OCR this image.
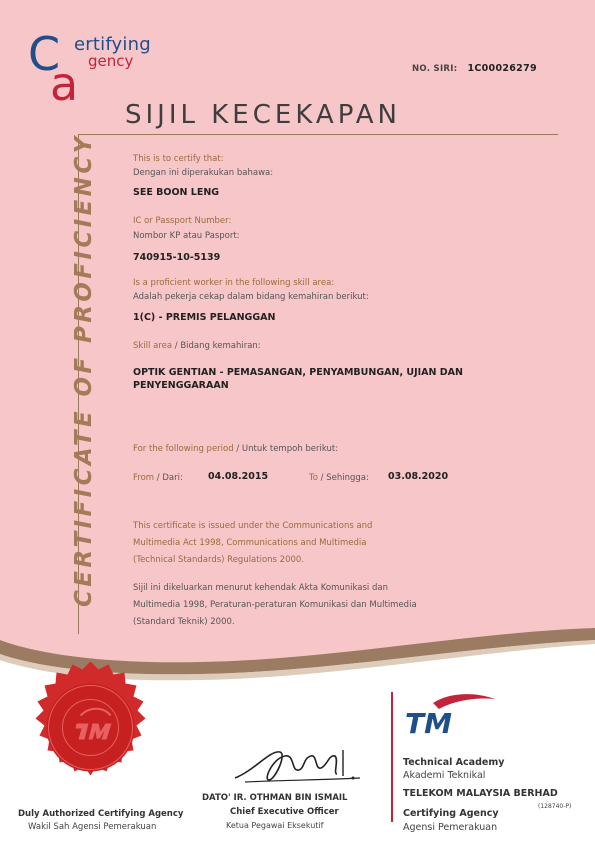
C
a
ertifying
gency	NO. SIRI: 1C00026279
SIJIL KECEKAPAN
CERTIFICATE OF PROFICIENCY	This is to certify that:
Dengan ini diperakukan bahawa:
SEE BOON LENG
IC or Passport Number:
Nombor KP atau Pasport:
740915-10-5139
Is a proficient worker in the following skill area:
Adalah pekerja cekap dalam bidang kemahiran berikut:
1(C) - PREMIS PELANGGAN
Skill area / Bidang kemahiran:
OPTIK GENTIAN - PEMASANGAN, PENYAMBUNGAN, UJIAN DAN
PENYENGGARAAN
For the following period / Untuk tempoh berikut:
From / Dari:	04.08.2015	To / Sehingga: 03.08.2020
This certificate is issued under the Communications and
Multimedia Act 1998, Communications and Multimedia
(Technical Standards) Regulations 2000.
Sijil ini dikeluarkan menurut kehendak Akta Komunikasi dan
Multimedia 1998, Peraturan-peraturan Komunikasi dan Multimedia
(Standard Teknik) 2000.
Duly Authorized Certifying Agency
Wakil Sah Agensi Pemerakuan
DATO' IR. OTHMAN BIN ISMAIL
Chief Executive Officer
Ketua Pegawai Eksekutif
TM
Technical Academy
Akademi Teknikal
TELEKOM MALAYSIA BERHAD
(128740-P)
Certifying Agency
Agensi Pemerakuan
